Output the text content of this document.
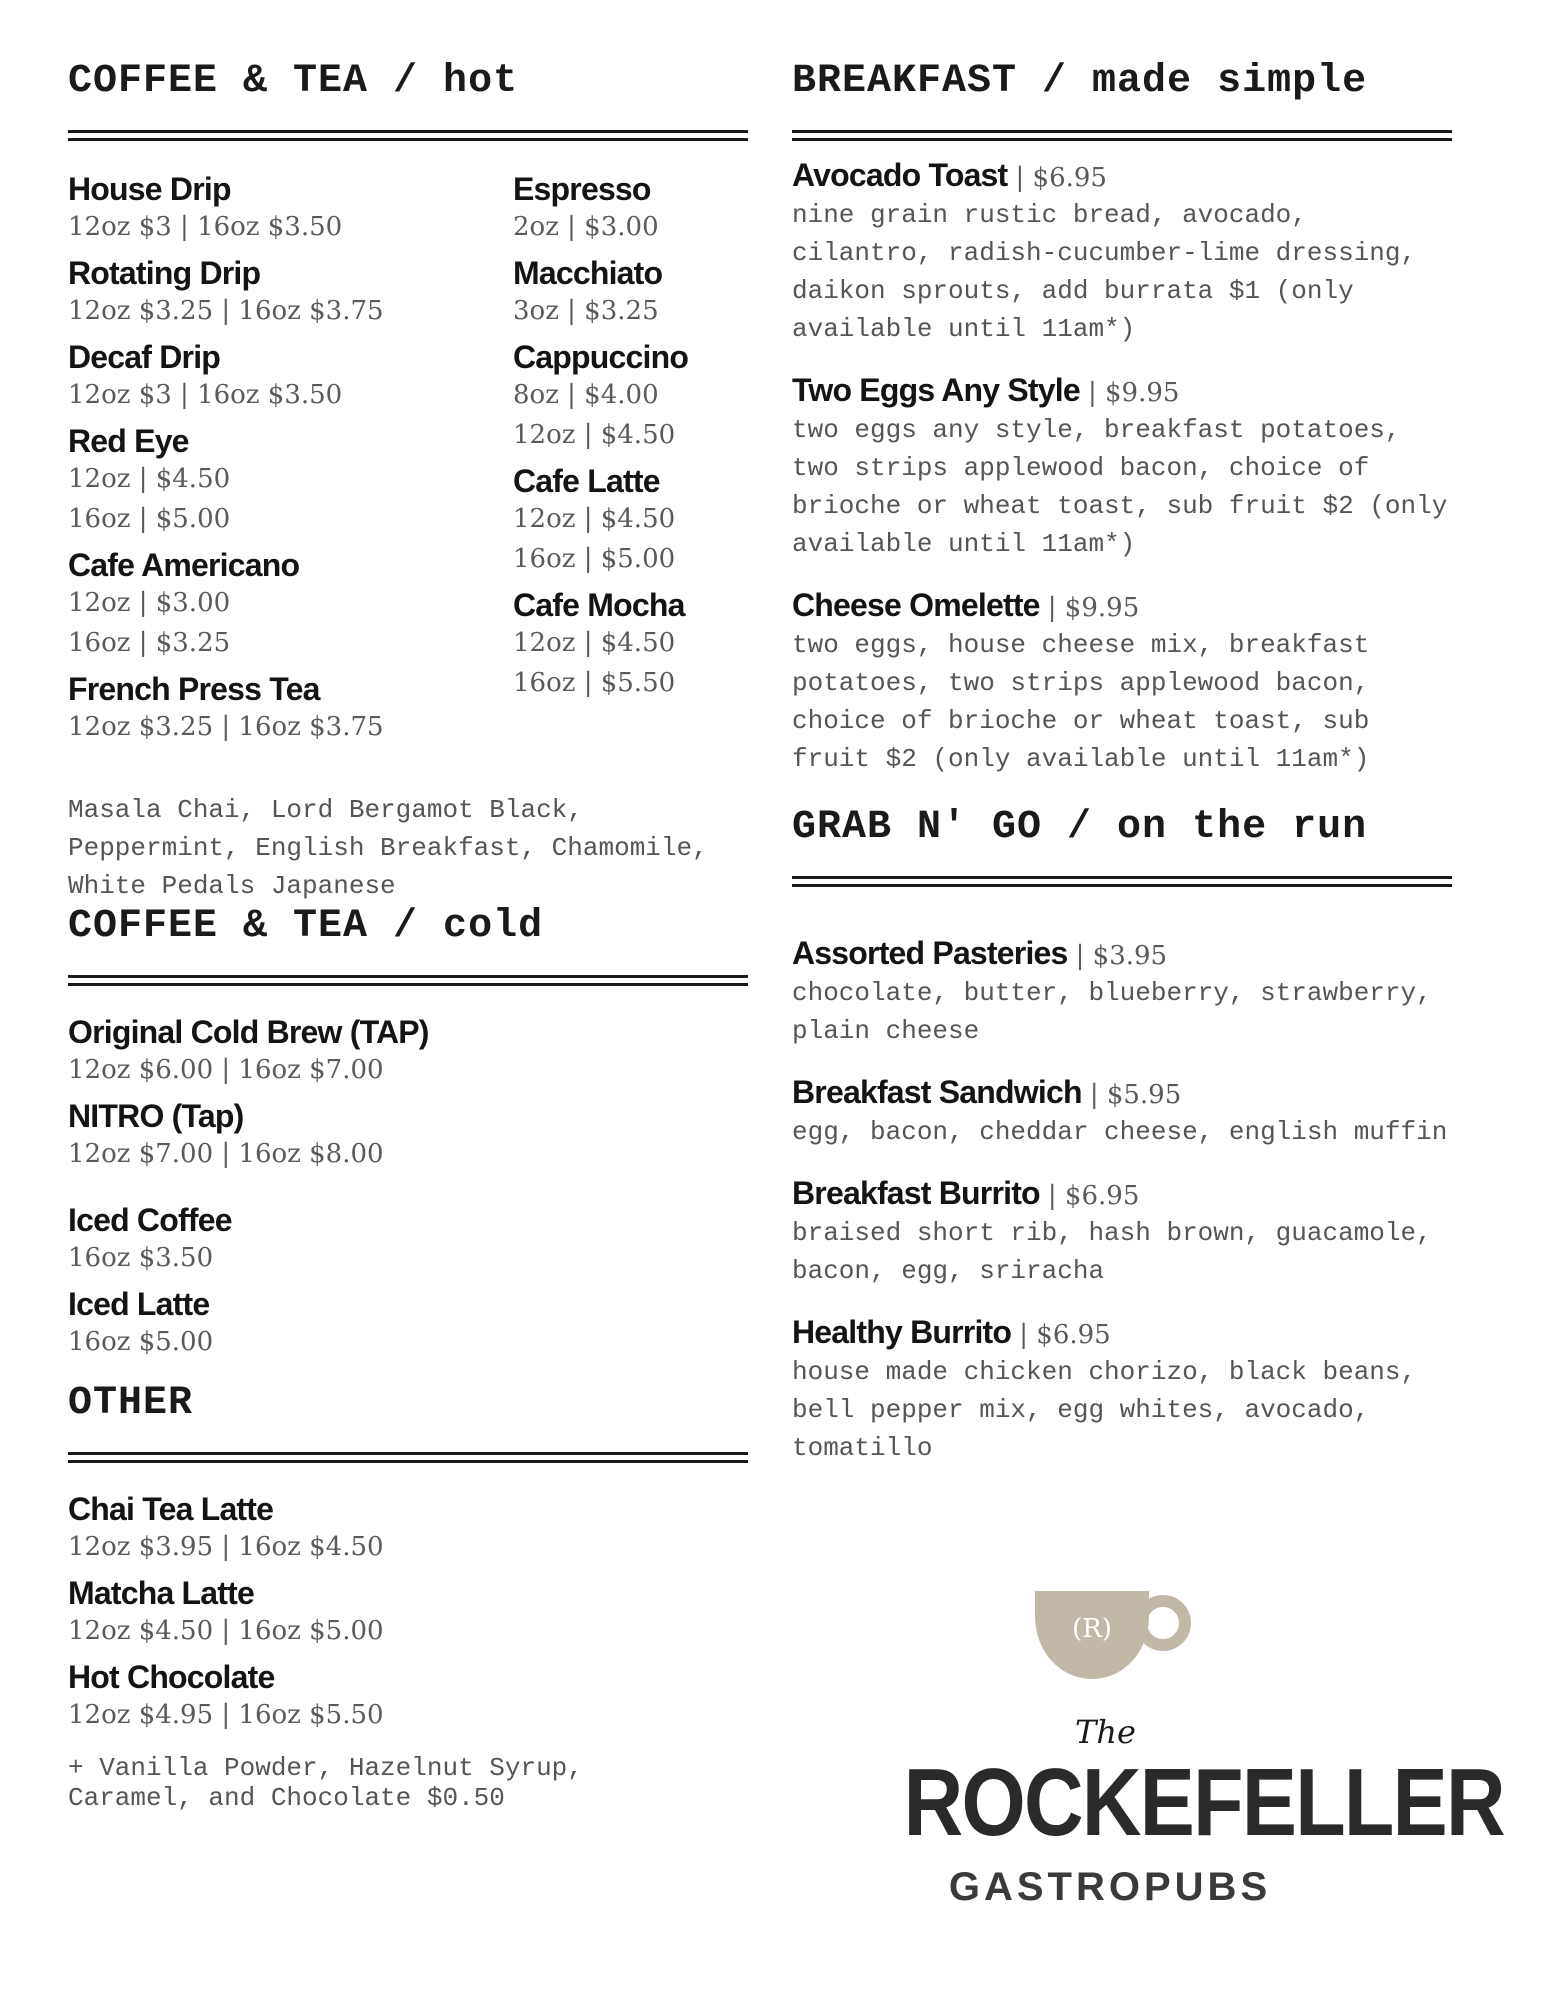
COFFEE & TEA / hot
House Drip
12oz $3 | 16oz $3.50
Rotating Drip
12oz $3.25 | 16oz $3.75
Decaf Drip
12oz $3 | 16oz $3.50
Red Eye
12oz | $4.50
16oz | $5.00
Cafe Americano
12oz | $3.00
16oz | $3.25
French Press Tea
12oz $3.25 | 16oz $3.75
Espresso
2oz | $3.00
Macchiato
3oz | $3.25
Cappuccino
8oz | $4.00
12oz | $4.50
Cafe Latte
12oz | $4.50
16oz | $5.00
Cafe Mocha
12oz | $4.50
16oz | $5.50
Masala Chai, Lord Bergamot Black, Peppermint, English Breakfast, Chamomile, White Pedals Japanese
COFFEE & TEA / cold
Original Cold Brew (TAP)
12oz $6.00 | 16oz $7.00
NITRO (Tap)
12oz $7.00 | 16oz $8.00
Iced Coffee
16oz $3.50
Iced Latte
16oz $5.00
OTHER
Chai Tea Latte
12oz $3.95 | 16oz $4.50
Matcha Latte
12oz $4.50 | 16oz $5.00
Hot Chocolate
12oz $4.95 | 16oz $5.50
+ Vanilla Powder, Hazelnut Syrup, Caramel, and Chocolate $0.50
BREAKFAST / made simple
Avocado Toast | $6.95
nine grain rustic bread, avocado, cilantro, radish-cucumber-lime dressing, daikon sprouts, add burrata $1 (only available until 11am*)
Two Eggs Any Style | $9.95
two eggs any style, breakfast potatoes, two strips applewood bacon, choice of brioche or wheat toast, sub fruit $2 (only available until 11am*)
Cheese Omelette | $9.95
two eggs, house cheese mix, breakfast potatoes, two strips applewood bacon, choice of brioche or wheat toast, sub fruit $2 (only available until 11am*)
GRAB N' GO / on the run
Assorted Pasteries | $3.95
chocolate, butter, blueberry, strawberry, plain cheese
Breakfast Sandwich | $5.95
egg, bacon, cheddar cheese, english muffin
Breakfast Burrito | $6.95
braised short rib, hash brown, guacamole, bacon, egg, sriracha
Healthy Burrito | $6.95
house made chicken chorizo, black beans, bell pepper mix, egg whites, avocado, tomatillo
(R)
The
ROCKEFELLER
GASTROPUBS
